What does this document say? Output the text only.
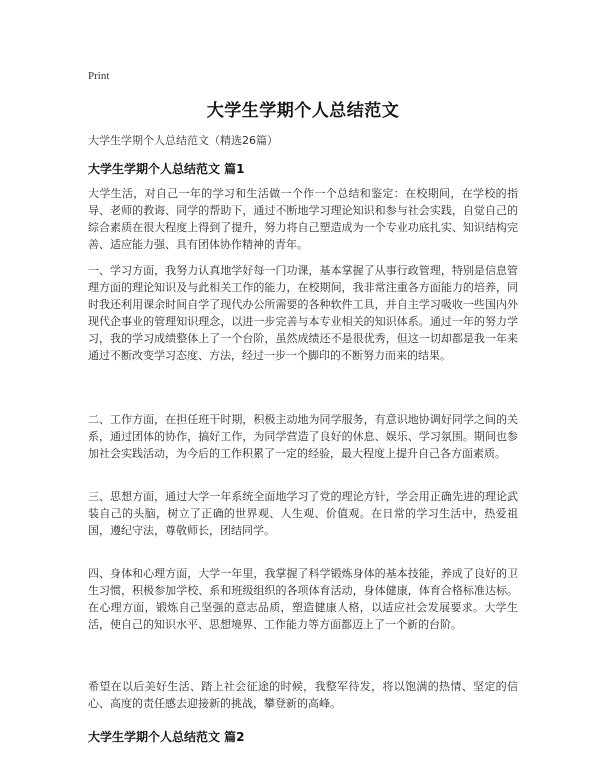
Print
大学生学期个人总结范文
大学生学期个人总结范文（精选26篇）
大学生学期个人总结范文 篇1
大学生活，对自己一年的学习和生活做一个作一个总结和鉴定：在校期间，在学校的指导、老师的教诲、同学的帮助下，通过不断地学习理论知识和参与社会实践，自觉自己的综合素质在很大程度上得到了提升，努力将自己塑造成为一个专业功底扎实、知识结构完善、适应能力强、具有团体协作精神的青年。
一、学习方面，我努力认真地学好每一门功课，基本掌握了从事行政管理，特别是信息管理方面的理论知识及与此相关工作的能力，在校期间，我非常注重各方面能力的培养，同时我还利用课余时间自学了现代办公所需要的各种软件工具，并自主学习吸收一些国内外现代企事业的管理知识理念，以进一步完善与本专业相关的知识体系。通过一年的努力学习，我的学习成绩整体上了一个台阶，虽然成绩还不是很优秀，但这一切却都是我一年来通过不断改变学习态度、方法，经过一步一个脚印的不断努力而来的结果。
二、工作方面，在担任班干时期，积极主动地为同学服务，有意识地协调好同学之间的关系，通过团体的协作，搞好工作，为同学营造了良好的休息、娱乐、学习氛围。期间也参加社会实践活动，为今后的工作积累了一定的经验，最大程度上提升自己各方面素质。
三、思想方面，通过大学一年系统全面地学习了党的理论方针，学会用正确先进的理论武装自己的头脑，树立了正确的世界观、人生观、价值观。在日常的学习生活中，热爱祖国，遵纪守法，尊敬师长，团结同学。
四、身体和心理方面，大学一年里，我掌握了科学锻炼身体的基本技能，养成了良好的卫生习惯，积极参加学校、系和班级组织的各项体育活动，身体健康，体育合格标准达标。在心理方面，锻炼自己坚强的意志品质，塑造健康人格，以适应社会发展要求。大学生活，使自己的知识水平、思想境界、工作能力等方面都迈上了一个新的台阶。
希望在以后美好生活、踏上社会征途的时候，我整军待发，将以饱满的热情、坚定的信心、高度的责任感去迎接新的挑战，攀登新的高峰。
大学生学期个人总结范文 篇2
